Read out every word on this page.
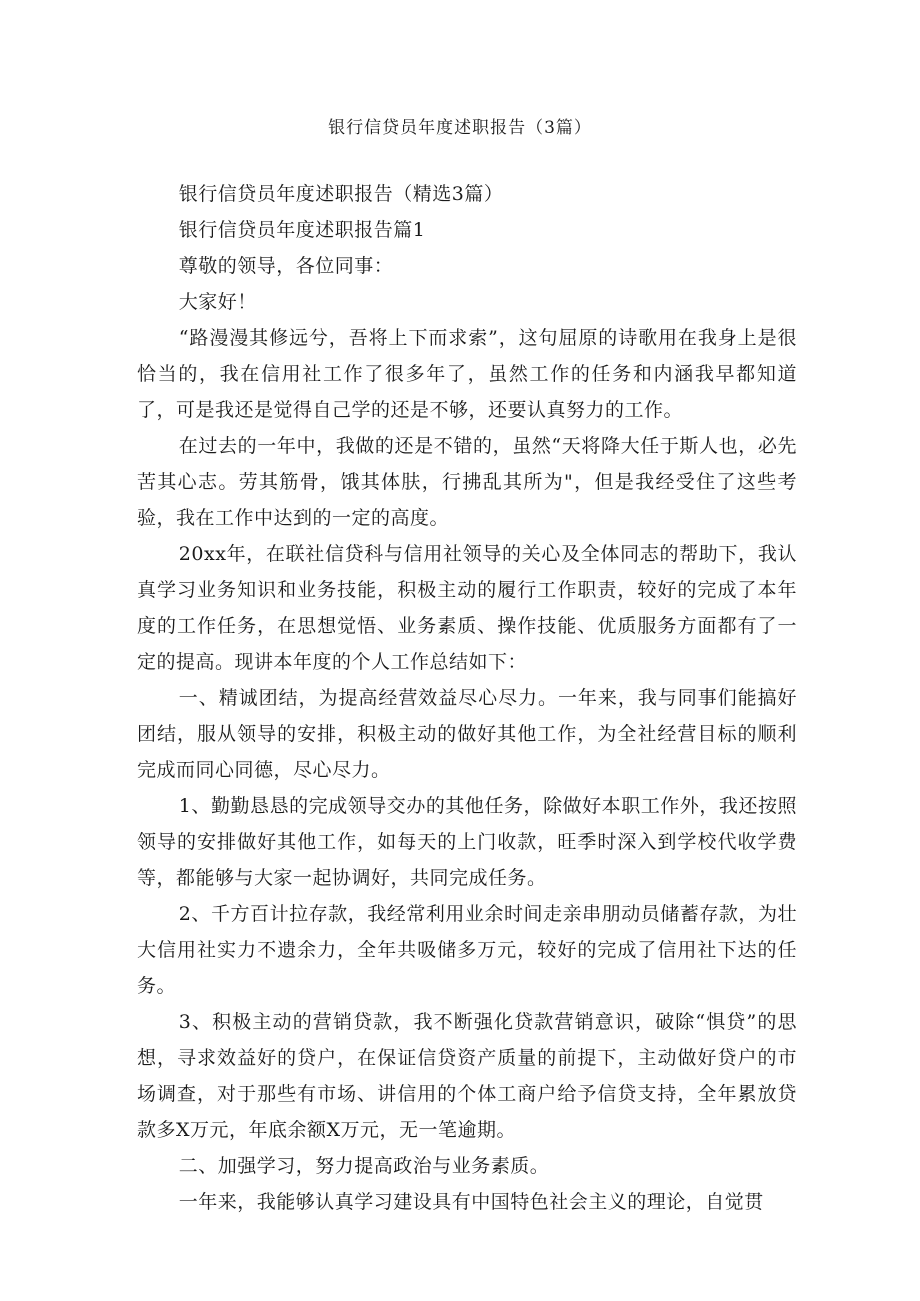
银行信贷员年度述职报告（3篇）

银行信贷员年度述职报告（精选3篇）

银行信贷员年度述职报告篇1

尊敬的领导，各位同事：

大家好！

“路漫漫其修远兮，吾将上下而求索”，这句屈原的诗歌用在我身上是很恰当的，我在信用社工作了很多年了，虽然工作的任务和内涵我早都知道了，可是我还是觉得自己学的还是不够，还要认真努力的工作。

在过去的一年中，我做的还是不错的，虽然“天将降大任于斯人也，必先苦其心志。劳其筋骨，饿其体肤，行拂乱其所为"，但是我经受住了这些考验，我在工作中达到的一定的高度。

20xx年，在联社信贷科与信用社领导的关心及全体同志的帮助下，我认真学习业务知识和业务技能，积极主动的履行工作职责，较好的完成了本年度的工作任务，在思想觉悟、业务素质、操作技能、优质服务方面都有了一定的提高。现讲本年度的个人工作总结如下：

一、精诚团结，为提高经营效益尽心尽力。一年来，我与同事们能搞好团结，服从领导的安排，积极主动的做好其他工作，为全社经营目标的顺利完成而同心同德，尽心尽力。

1、勤勤恳恳的完成领导交办的其他任务，除做好本职工作外，我还按照领导的安排做好其他工作，如每天的上门收款，旺季时深入到学校代收学费等，都能够与大家一起协调好，共同完成任务。

2、千方百计拉存款，我经常利用业余时间走亲串朋动员储蓄存款，为壮大信用社实力不遗余力，全年共吸储多万元，较好的完成了信用社下达的任务。

3、积极主动的营销贷款，我不断强化贷款营销意识，破除“惧贷”的思想，寻求效益好的贷户，在保证信贷资产质量的前提下，主动做好贷户的市场调查，对于那些有市场、讲信用的个体工商户给予信贷支持，全年累放贷款多X万元，年底余额X万元，无一笔逾期。

二、加强学习，努力提高政治与业务素质。

一年来，我能够认真学习建设具有中国特色社会主义的理论，自觉贯
